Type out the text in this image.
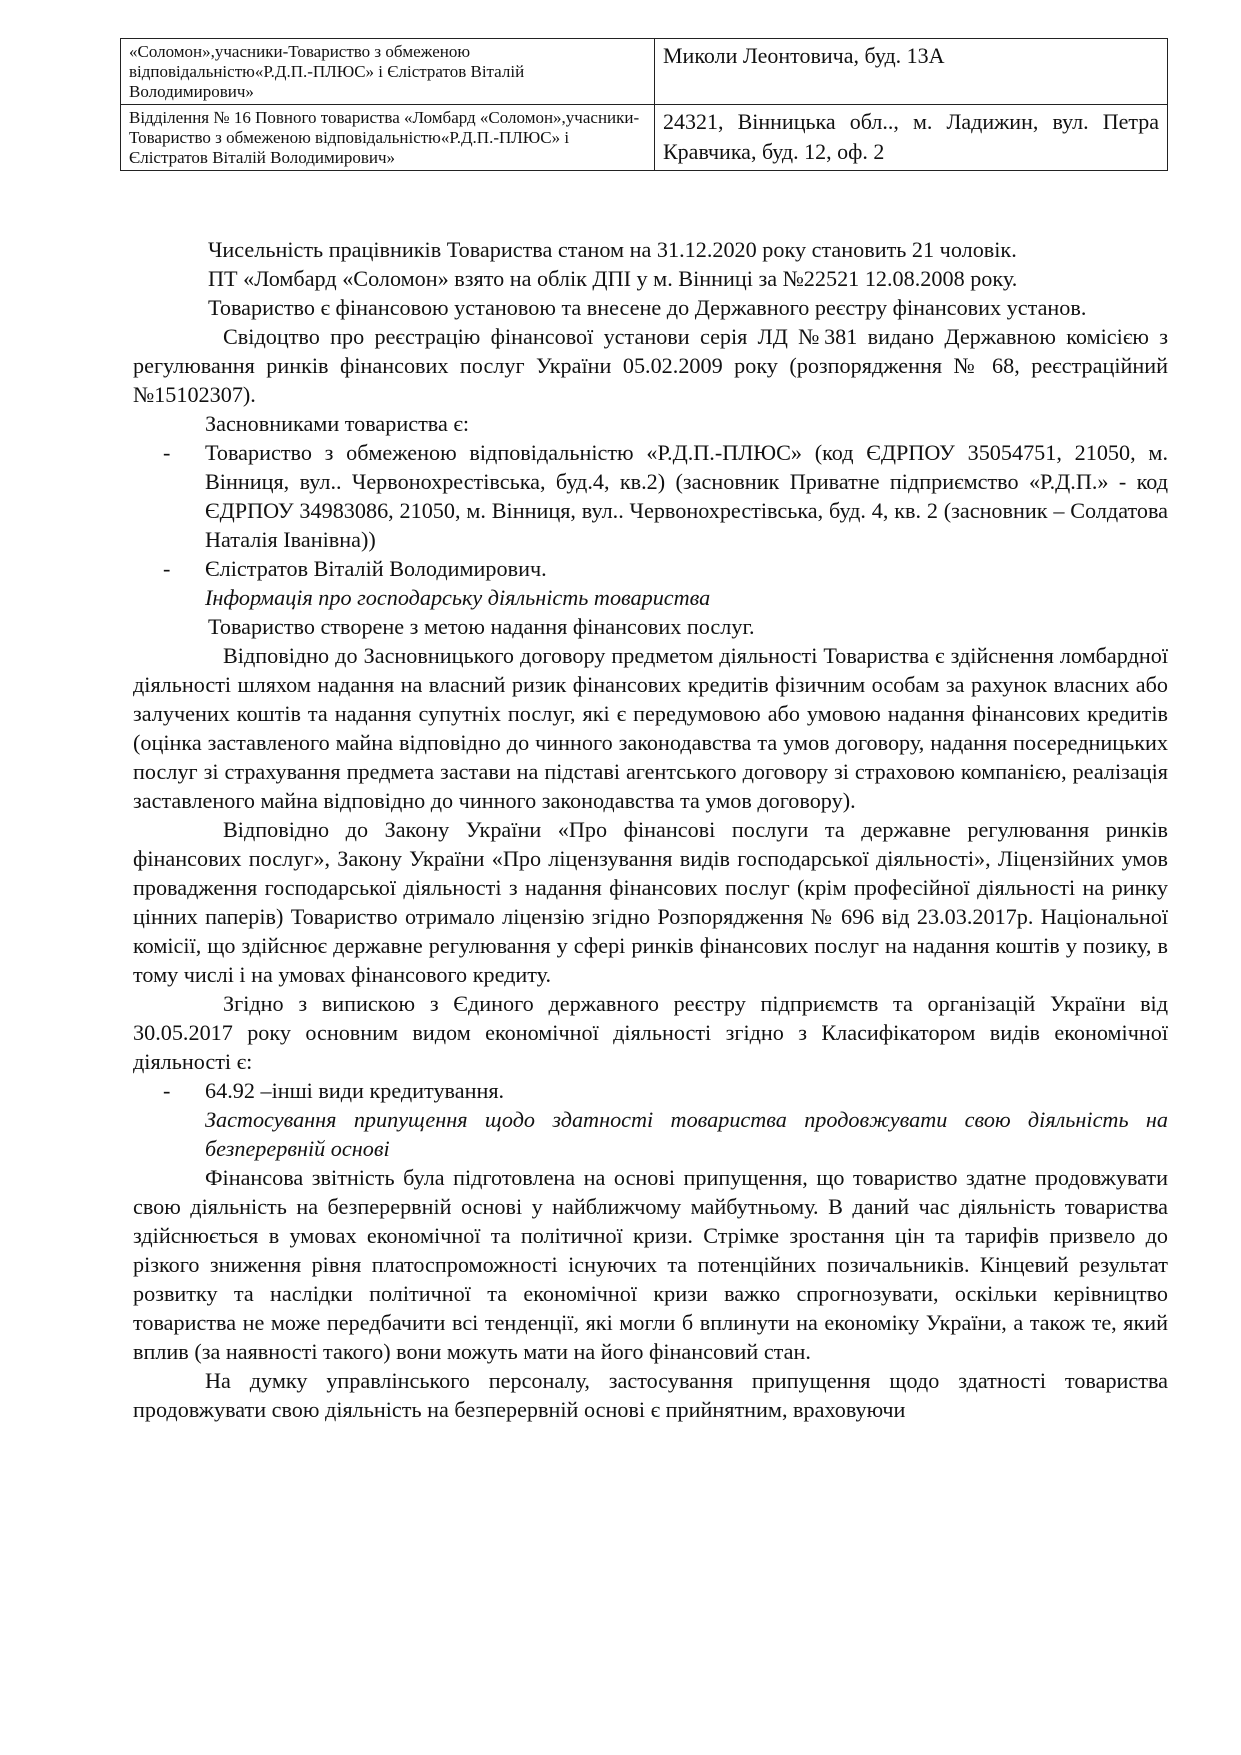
«Соломон»,учасники-Товариство з обмеженою відповідальністю«Р.Д.П.-ПЛЮС» і Єлістратов Віталій Володимирович»	Миколи Леонтовича, буд. 13А
Відділення № 16 Повного товариства «Ломбард «Соломон»,учасники-Товариство з обмеженою відповідальністю«Р.Д.П.-ПЛЮС» і Єлістратов Віталій Володимирович»	24321, Вінницька обл.., м. Ладижин, вул. Петра Кравчика, буд. 12, оф. 2

Чисельність працівників Товариства станом на 31.12.2020 року становить 21 чоловік.

ПТ «Ломбард «Соломон» взято на облік ДПІ у м. Вінниці за №22521 12.08.2008 року.

Товариство є фінансовою установою та внесене до Державного реєстру фінансових установ.

Свідоцтво про реєстрацію фінансової установи серія ЛД №381 видано Державною комісією з регулювання ринків фінансових послуг України 05.02.2009 року (розпорядження № 68, реєстраційний №15102307).

Засновниками товариства є:

- Товариство з обмеженою відповідальністю «Р.Д.П.-ПЛЮС» (код ЄДРПОУ 35054751, 21050, м. Вінниця, вул.. Червонохрестівська, буд.4, кв.2) (засновник Приватне підприємство «Р.Д.П.» - код ЄДРПОУ 34983086, 21050, м. Вінниця, вул.. Червонохрестівська, буд. 4, кв. 2 (засновник – Солдатова Наталія Іванівна))
- Єлістратов Віталій Володимирович.

Інформація про господарську діяльність товариства

Товариство створене з метою надання фінансових послуг.

Відповідно до Засновницького договору предметом діяльності Товариства є здійснення ломбардної діяльності шляхом надання на власний ризик фінансових кредитів фізичним особам за рахунок власних або залучених коштів та надання супутніх послуг, які є передумовою або умовою надання фінансових кредитів (оцінка заставленого майна відповідно до чинного законодавства та умов договору, надання посередницьких послуг зі страхування предмета застави на підставі агентського договору зі страховою компанією, реалізація заставленого майна відповідно до чинного законодавства та умов договору).

Відповідно до Закону України «Про фінансові послуги та державне регулювання ринків фінансових послуг», Закону України «Про ліцензування видів господарської діяльності», Ліцензійних умов провадження господарської діяльності з надання фінансових послуг (крім професійної діяльності на ринку цінних паперів) Товариство отримало ліцензію згідно Розпорядження № 696 від 23.03.2017р. Національної комісії, що здійснює державне регулювання у сфері ринків фінансових послуг на надання коштів у позику, в тому числі і на умовах фінансового кредиту.

Згідно з випискою з Єдиного державного реєстру підприємств та організацій України від 30.05.2017 року основним видом економічної діяльності згідно з Класифікатором видів економічної діяльності є:

- 64.92 –інші види кредитування.

Застосування припущення щодо здатності товариства продовжувати свою діяльність на безперервній основі

Фінансова звітність була підготовлена на основі припущення, що товариство здатне продовжувати свою діяльність на безперервній основі у найближчому майбутньому. В даний час діяльність товариства здійснюється в умовах економічної та політичної кризи. Стрімке зростання цін та тарифів призвело до різкого зниження рівня платоспроможності існуючих та потенційних позичальників. Кінцевий результат розвитку та наслідки політичної та економічної кризи важко спрогнозувати, оскільки керівництво товариства не може передбачити всі тенденції, які могли б вплинути на економіку України, а також те, який вплив (за наявності такого) вони можуть мати на його фінансовий стан.

На думку управлінського персоналу, застосування припущення щодо здатності товариства продовжувати свою діяльність на безперервній основі є прийнятним, враховуючи
